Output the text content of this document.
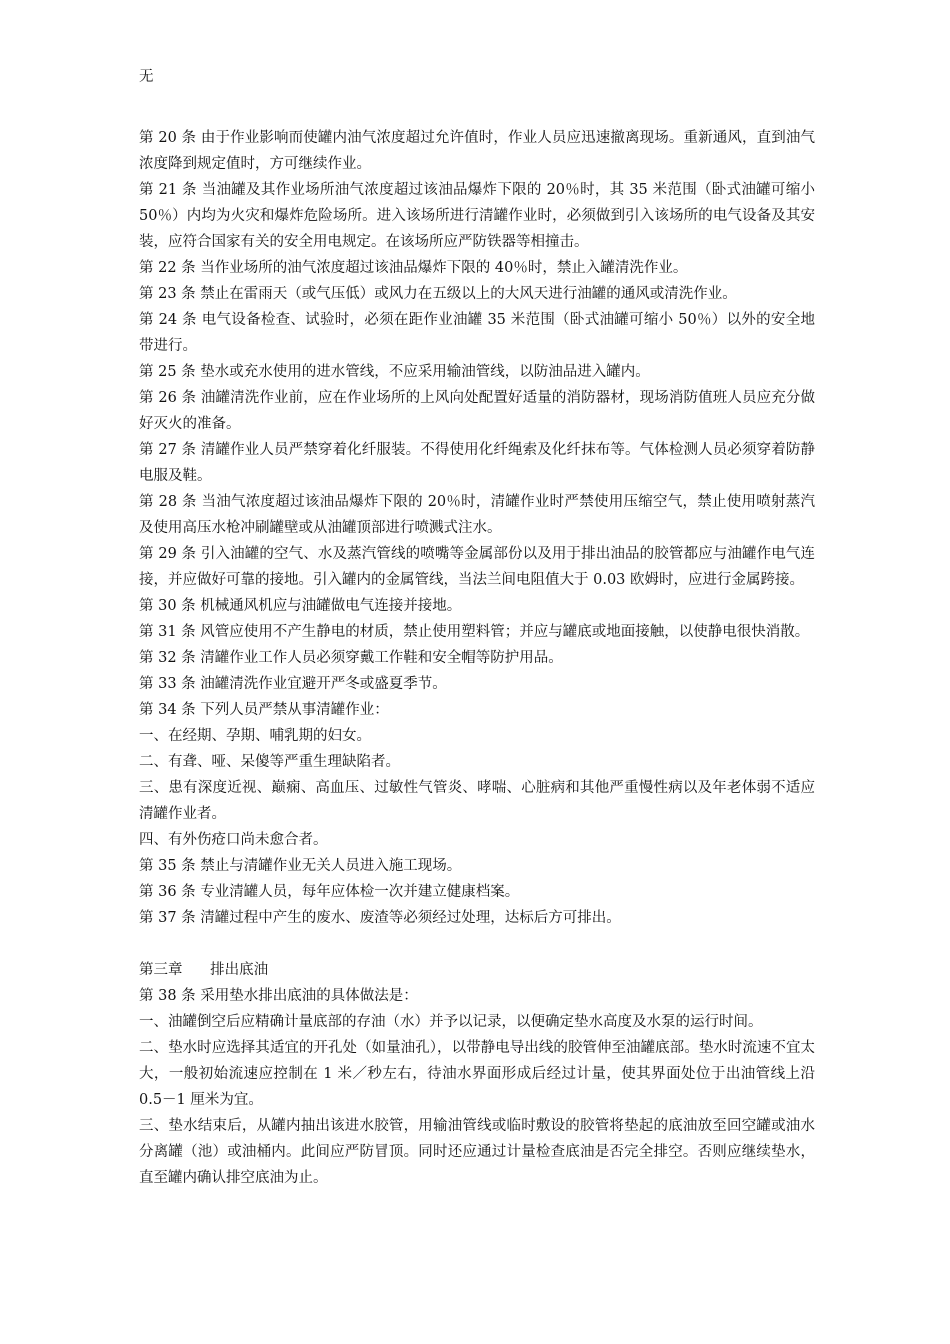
无

第 20 条 由于作业影响而使罐内油气浓度超过允许值时，作业人员应迅速撤离现场。重新通风，直到油气浓度降到规定值时，方可继续作业。

第 21 条 当油罐及其作业场所油气浓度超过该油品爆炸下限的 20％时，其 35 米范围（卧式油罐可缩小 50％）内均为火灾和爆炸危险场所。进入该场所进行清罐作业时，必须做到引入该场所的电气设备及其安装，应符合国家有关的安全用电规定。在该场所应严防铁器等相撞击。

第 22 条 当作业场所的油气浓度超过该油品爆炸下限的 40％时，禁止入罐清洗作业。

第 23 条 禁止在雷雨天（或气压低）或风力在五级以上的大风天进行油罐的通风或清洗作业。

第 24 条 电气设备检查、试验时，必须在距作业油罐 35 米范围（卧式油罐可缩小 50％）以外的安全地带进行。

第 25 条 垫水或充水使用的进水管线，不应采用输油管线，以防油品进入罐内。

第 26 条 油罐清洗作业前，应在作业场所的上风向处配置好适量的消防器材，现场消防值班人员应充分做好灭火的准备。

第 27 条 清罐作业人员严禁穿着化纤服装。不得使用化纤绳索及化纤抹布等。气体检测人员必须穿着防静电服及鞋。

第 28 条 当油气浓度超过该油品爆炸下限的 20％时，清罐作业时严禁使用压缩空气，禁止使用喷射蒸汽及使用高压水枪冲刷罐壁或从油罐顶部进行喷溅式注水。

第 29 条 引入油罐的空气、水及蒸汽管线的喷嘴等金属部份以及用于排出油品的胶管都应与油罐作电气连接，并应做好可靠的接地。引入罐内的金属管线，当法兰间电阻值大于 0.03 欧姆时，应进行金属跨接。

第 30 条 机械通风机应与油罐做电气连接并接地。

第 31 条 风管应使用不产生静电的材质，禁止使用塑料管；并应与罐底或地面接触，以使静电很快消散。

第 32 条 清罐作业工作人员必须穿戴工作鞋和安全帽等防护用品。

第 33 条 油罐清洗作业宜避开严冬或盛夏季节。

第 34 条 下列人员严禁从事清罐作业：

一、在经期、孕期、哺乳期的妇女。

二、有聋、哑、呆傻等严重生理缺陷者。

三、患有深度近视、巅痫、高血压、过敏性气管炎、哮喘、心脏病和其他严重慢性病以及年老体弱不适应清罐作业者。

四、有外伤疮口尚未愈合者。

第 35 条 禁止与清罐作业无关人员进入施工现场。

第 36 条 专业清罐人员，每年应体检一次并建立健康档案。

第 37 条 清罐过程中产生的废水、废渣等必须经过处理，达标后方可排出。

第三章      排出底油

第 38 条 采用垫水排出底油的具体做法是：

一、油罐倒空后应精确计量底部的存油（水）并予以记录，以便确定垫水高度及水泵的运行时间。

二、垫水时应选择其适宜的开孔处（如量油孔），以带静电导出线的胶管伸至油罐底部。垫水时流速不宜太大，一般初始流速应控制在 1 米／秒左右，待油水界面形成后经过计量，使其界面处位于出油管线上沿 0.5－1 厘米为宜。

三、垫水结束后，从罐内抽出该进水胶管，用输油管线或临时敷设的胶管将垫起的底油放至回空罐或油水分离罐（池）或油桶内。此间应严防冒顶。同时还应通过计量检查底油是否完全排空。否则应继续垫水，直至罐内确认排空底油为止。
